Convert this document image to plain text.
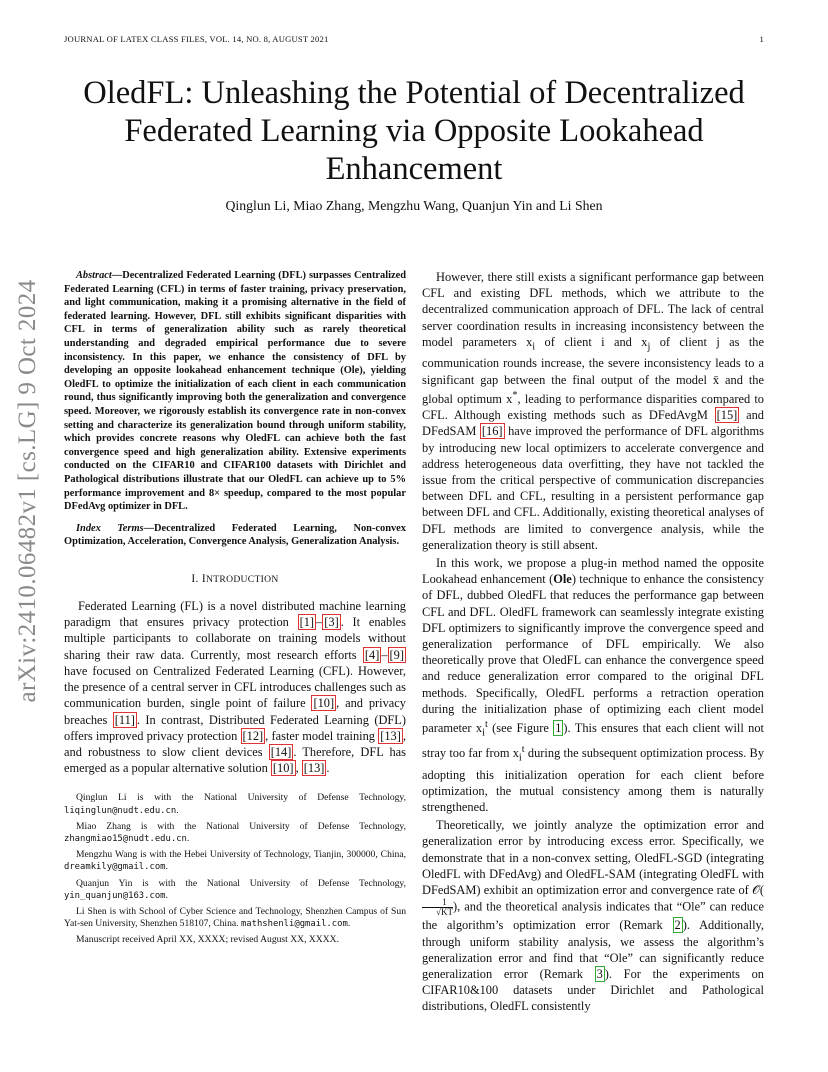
JOURNAL OF LATEX CLASS FILES, VOL. 14, NO. 8, AUGUST 2021	1
arXiv:2410.06482v1 [cs.LG] 9 Oct 2024
OledFL: Unleashing the Potential of Decentralized Federated Learning via Opposite Lookahead Enhancement
Qinglun Li, Miao Zhang, Mengzhu Wang, Quanjun Yin and Li Shen

Abstract—Decentralized Federated Learning (DFL) surpasses Centralized Federated Learning (CFL) in terms of faster training, privacy preservation, and light communication, making it a promising alternative in the field of federated learning. However, DFL still exhibits significant disparities with CFL in terms of generalization ability such as rarely theoretical understanding and degraded empirical performance due to severe inconsistency. In this paper, we enhance the consistency of DFL by developing an opposite lookahead enhancement technique (Ole), yielding OledFL to optimize the initialization of each client in each communication round, thus significantly improving both the generalization and convergence speed. Moreover, we rigorously establish its convergence rate in non-convex setting and characterize its generalization bound through uniform stability, which provides concrete reasons why OledFL can achieve both the fast convergence speed and high generalization ability. Extensive experiments conducted on the CIFAR10 and CIFAR100 datasets with Dirichlet and Pathological distributions illustrate that our OledFL can achieve up to 5% performance improvement and 8× speedup, compared to the most popular DFedAvg optimizer in DFL.

Index Terms—Decentralized Federated Learning, Non-convex Optimization, Acceleration, Convergence Analysis, Generalization Analysis.

I. INTRODUCTION

Federated Learning (FL) is a novel distributed machine learning paradigm that ensures privacy protection [1] – [3] . It enables multiple participants to collaborate on training models without sharing their raw data. Currently, most research efforts [4] – [9] have focused on Centralized Federated Learning (CFL). However, the presence of a central server in CFL introduces challenges such as communication burden, single point of failure [10] , and privacy breaches [11] . In contrast, Distributed Federated Learning (DFL) offers improved privacy protection [12] , faster model training [13] , and robustness to slow client devices [14] . Therefore, DFL has emerged as a popular alternative solution [10] , [13] .

Qinglun Li is with the National University of Defense Technology, liqinglun@nudt.edu.cn.

Miao Zhang is with the National University of Defense Technology, zhangmiao15@nudt.edu.cn.

Mengzhu Wang is with the Hebei University of Technology, Tianjin, 300000, China, dreamkily@gmail.com.

Quanjun Yin is with the National University of Defense Technology, yin_quanjun@163.com.

Li Shen is with School of Cyber Science and Technology, Shenzhen Campus of Sun Yat-sen University, Shenzhen 518107, China. mathshenli@gmail.com.

Manuscript received April XX, XXXX; revised August XX, XXXX.

However, there still exists a significant performance gap between CFL and existing DFL methods, which we attribute to the decentralized communication approach of DFL. The lack of central server coordination results in increasing inconsistency between the model parameters $x_i$ of client i and $x_j$ of client j as the communication rounds increase, the severe inconsistency leads to a significant gap between the final output of the model x̄ and the global optimum x*, leading to performance disparities compared to CFL. Although existing methods such as DFedAvgM [15] and DFedSAM [16] have improved the performance of DFL algorithms by introducing new local optimizers to accelerate convergence and address heterogeneous data overfitting, they have not tackled the issue from the critical perspective of communication discrepancies between DFL and CFL, resulting in a persistent performance gap between DFL and CFL. Additionally, existing theoretical analyses of DFL methods are limited to convergence analysis, while the generalization theory is still absent.

In this work, we propose a plug-in method named the opposite Lookahead enhancement (Ole) technique to enhance the consistency of DFL, dubbed OledFL that reduces the performance gap between CFL and DFL. OledFL framework can seamlessly integrate existing DFL optimizers to significantly improve the convergence speed and generalization performance of DFL empirically. We also theoretically prove that OledFL can enhance the convergence speed and reduce generalization error compared to the original DFL methods. Specifically, OledFL performs a retraction operation during the initialization phase of optimizing each client model parameter $x_i^t$ (see Figure 1 ). This ensures that each client will not stray too far from $x_i^t$ during the subsequent optimization process. By adopting this initialization operation for each client before optimization, the mutual consistency among them is naturally strengthened.

Theoretically, we jointly analyze the optimization error and generalization error by introducing excess error. Specifically, we demonstrate that in a non-convex setting, OledFL-SGD (integrating OledFL with DFedAvg) and OledFL-SAM (integrating OledFL with DFedSAM) exhibit an optimization error and convergence rate of 𝒪(
$\frac{1}{√KT}$ ), and the theoretical analysis indicates that “Ole” can reduce the algorithm’s optimization error (Remark 2 ). Additionally, through uniform stability analysis, we assess the algorithm’s generalization error and find that “Ole” can significantly reduce generalization error (Remark 3 ). For the experiments on CIFAR10&100 datasets under Dirichlet and Pathological distributions, OledFL consistently
